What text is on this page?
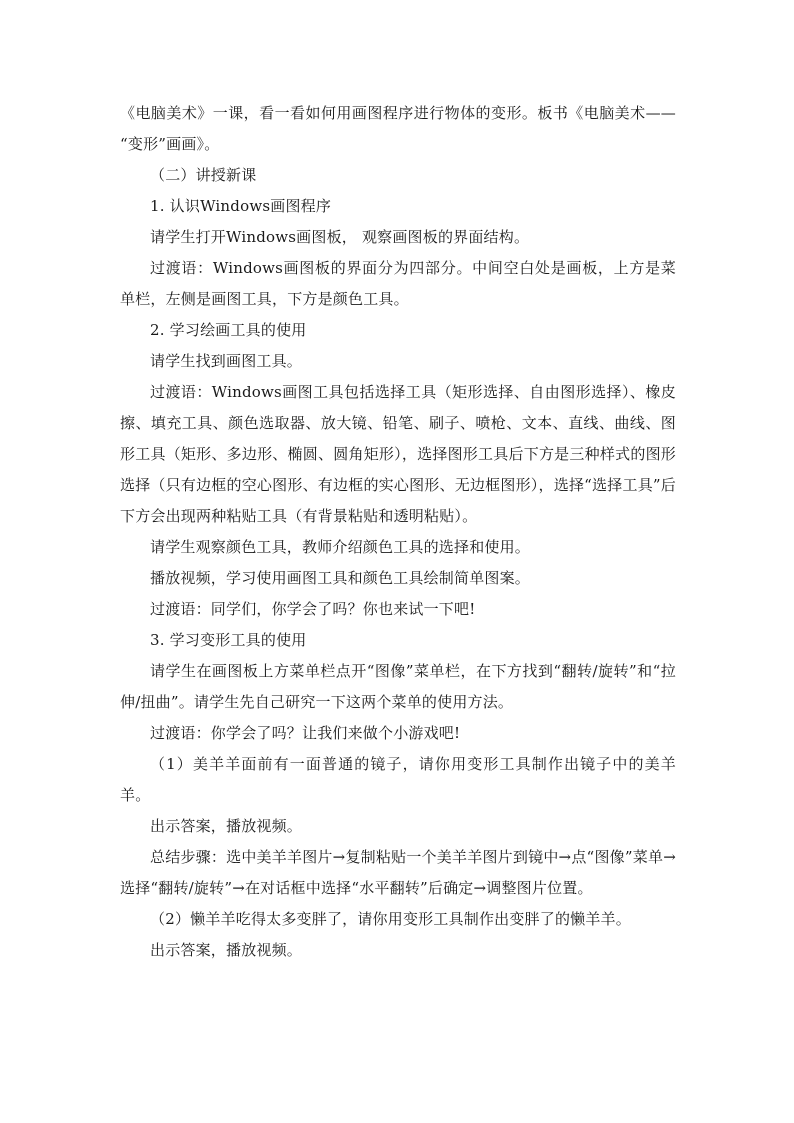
《电脑美术》一课，看一看如何用画图程序进行物体的变形。板书《电脑美术—— “变形”画画》。

（二）讲授新课

1. 认识Windows画图程序

请学生打开Windows画图板， 观察画图板的界面结构。

过渡语：Windows画图板的界面分为四部分。中间空白处是画板，上方是菜单栏，左侧是画图工具，下方是颜色工具。

2. 学习绘画工具的使用

请学生找到画图工具。

过渡语：Windows画图工具包括选择工具（矩形选择、自由图形选择）、橡皮擦、填充工具、颜色选取器、放大镜、铅笔、刷子、喷枪、文本、直线、曲线、图形工具（矩形、多边形、椭圆、圆角矩形），选择图形工具后下方是三种样式的图形选择（只有边框的空心图形、有边框的实心图形、无边框图形），选择“选择工具”后下方会出现两种粘贴工具（有背景粘贴和透明粘贴）。

请学生观察颜色工具，教师介绍颜色工具的选择和使用。

播放视频，学习使用画图工具和颜色工具绘制简单图案。

过渡语：同学们，你学会了吗？你也来试一下吧!

3. 学习变形工具的使用

请学生在画图板上方菜单栏点开“图像”菜单栏，在下方找到“翻转/旋转”和“拉伸/扭曲”。请学生先自己研究一下这两个菜单的使用方法。

过渡语：你学会了吗？让我们来做个小游戏吧!

（1）美羊羊面前有一面普通的镜子，请你用变形工具制作出镜子中的美羊羊。

出示答案，播放视频。

总结步骤：选中美羊羊图片→复制粘贴一个美羊羊图片到镜中→点“图像”菜单→选择“翻转/旋转”→在对话框中选择“水平翻转”后确定→调整图片位置。

（2）懒羊羊吃得太多变胖了，请你用变形工具制作出变胖了的懒羊羊。

出示答案，播放视频。
